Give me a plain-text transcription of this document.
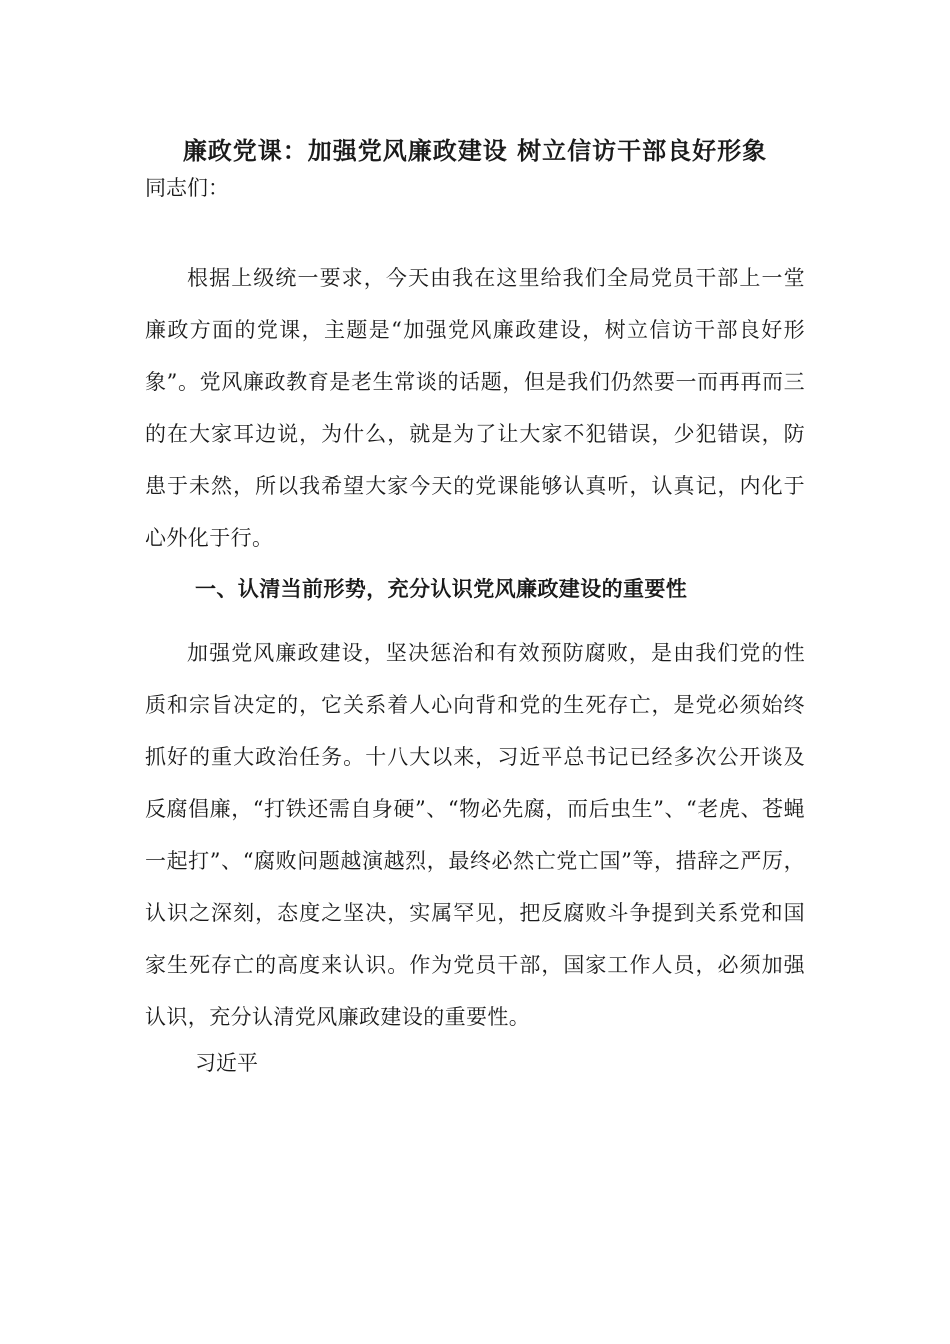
廉政党课：加强党风廉政建设 树立信访干部良好形象
同志们：

根据上级统一要求，今天由我在这里给我们全局党员干部上一堂廉政方面的党课，主题是“加强党风廉政建设，树立信访干部良好形象”。党风廉政教育是老生常谈的话题，但是我们仍然要一而再再而三的在大家耳边说，为什么，就是为了让大家不犯错误，少犯错误，防患于未然，所以我希望大家今天的党课能够认真听，认真记，内化于心外化于行。

一、认清当前形势，充分认识党风廉政建设的重要性

加强党风廉政建设，坚决惩治和有效预防腐败，是由我们党的性质和宗旨决定的，它关系着人心向背和党的生死存亡，是党必须始终抓好的重大政治任务。十八大以来，习近平总书记已经多次公开谈及反腐倡廉，“打铁还需自身硬”、“物必先腐，而后虫生”、“老虎、苍蝇一起打”、“腐败问题越演越烈，最终必然亡党亡国”等，措辞之严厉，认识之深刻，态度之坚决，实属罕见，把反腐败斗争提到关系党和国家生死存亡的高度来认识。作为党员干部，国家工作人员，必须加强认识，充分认清党风廉政建设的重要性。

习近平
